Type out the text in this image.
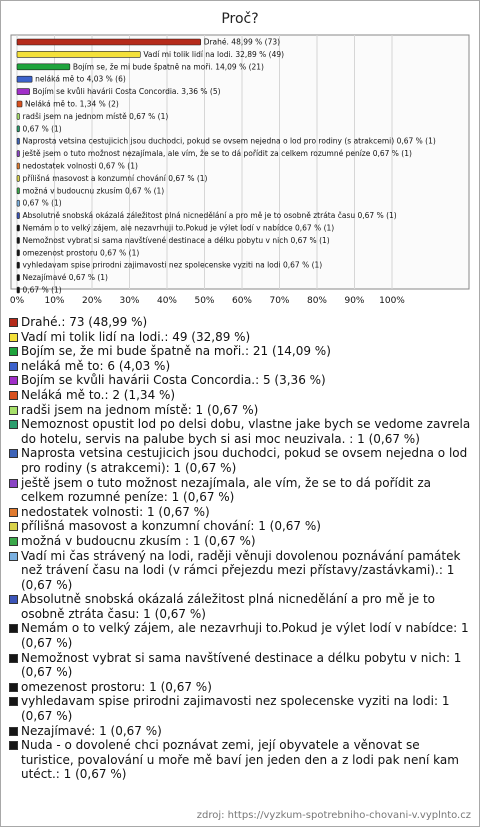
Proč?
0% 10% 20% 30% 40% 50% 60% 70% 80% 90% 100%
Drahé. 48,99 % (73)
Vadí mi tolik lidí na lodi. 32,89 % (49)
Bojím se, že mi bude špatně na moři. 14,09 % (21)
neláká mě to 4,03 % (6)
Bojím se kvůli havárii Costa Concordia. 3,36 % (5)
Neláká mě to. 1,34 % (2)
radši jsem na jednom místě 0,67 % (1)
0,67 % (1)
Naprosta vetsina cestujicich jsou duchodci, pokud se ovsem nejedna o lod pro rodiny (s atrakcemi) 0,67 % (1)
ještě jsem o tuto možnost nezajímala, ale vím, že se to dá pořídit za celkem rozumné peníze 0,67 % (1)
nedostatek volnosti 0,67 % (1)
přílišná masovost a konzumní chování 0,67 % (1)
možná v budoucnu zkusím 0,67 % (1)
0,67 % (1)
Absolutně snobská okázalá záležitost plná nicnedělání a pro mě je to osobně ztráta času 0,67 % (1)
Nemám o to velký zájem, ale nezavrhuji to.Pokud je výlet lodí v nabídce 0,67 % (1)
Nemožnost vybrat si sama navštívené destinace a délku pobytu v nich 0,67 % (1)
omezenost prostoru 0,67 % (1)
vyhledavam spise prirodni zajimavosti nez spolecenske vyziti na lodi 0,67 % (1)
Nezajímavé 0,67 % (1)
0,67 % (1)
Drahé.: 73 (48,99 %)
Vadí mi tolik lidí na lodi.: 49 (32,89 %)
Bojím se, že mi bude špatně na moři.: 21 (14,09 %)
neláká mě to: 6 (4,03 %)
Bojím se kvůli havárii Costa Concordia.: 5 (3,36 %)
Neláká mě to.: 2 (1,34 %)
radši jsem na jednom místě: 1 (0,67 %)
Nemoznost opustit lod po delsi dobu, vlastne jake bych se vedome zavrela do hotelu, servis na palube bych si asi moc neuzivala. : 1 (0,67 %)
Naprosta vetsina cestujicich jsou duchodci, pokud se ovsem nejedna o lod pro rodiny (s atrakcemi): 1 (0,67 %)
ještě jsem o tuto možnost nezajímala, ale vím, že se to dá pořídit za celkem rozumné peníze: 1 (0,67 %)
nedostatek volnosti: 1 (0,67 %)
přílišná masovost a konzumní chování: 1 (0,67 %)
možná v budoucnu zkusím : 1 (0,67 %)
Vadí mi čas strávený na lodi, raději věnuji dovolenou poznávání památek než trávení času na lodi (v rámci přejezdu mezi přístavy/zastávkami).: 1 (0,67 %)
Absolutně snobská okázalá záležitost plná nicnedělání a pro mě je to osobně ztráta času: 1 (0,67 %)
Nemám o to velký zájem, ale nezavrhuji to.Pokud je výlet lodí v nabídce: 1 (0,67 %)
Nemožnost vybrat si sama navštívené destinace a délku pobytu v nich: 1 (0,67 %)
omezenost prostoru: 1 (0,67 %)
vyhledavam spise prirodni zajimavosti nez spolecenske vyziti na lodi: 1 (0,67 %)
Nezajímavé: 1 (0,67 %)
Nuda - o dovolené chci poznávat zemi, její obyvatele a věnovat se turistice, povalování u moře mě baví jen jeden den a z lodi pak není kam utéct.: 1 (0,67 %)
zdroj: https://vyzkum-spotrebniho-chovani-v.vyplnto.cz
